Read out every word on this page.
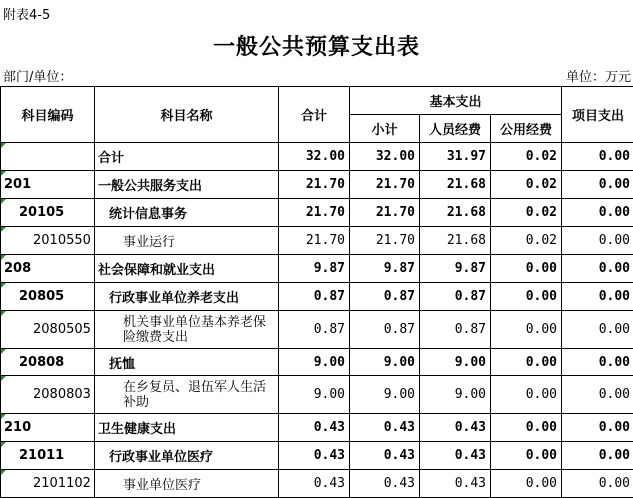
附表4-5
一般公共预算支出表
部门/单位：	单位：万元
科目编码	科目名称	合计	基本支出			项目支出
			小计	人员经费	公用经费	
	合计	32.00	32.00	31.97	0.02	0.00
201	一般公共服务支出	21.70	21.70	21.68	0.02	0.00
20105	统计信息事务	21.70	21.70	21.68	0.02	0.00
2010550	事业运行	21.70	21.70	21.68	0.02	0.00
208	社会保障和就业支出	9.87	9.87	9.87	0.00	0.00
20805	行政事业单位养老支出	0.87	0.87	0.87	0.00	0.00
2080505	机关事业单位基本养老保险缴费支出	0.87	0.87	0.87	0.00	0.00
20808	抚恤	9.00	9.00	9.00	0.00	0.00
2080803	在乡复员、退伍军人生活补助	9.00	9.00	9.00	0.00	0.00
210	卫生健康支出	0.43	0.43	0.43	0.00	0.00
21011	行政事业单位医疗	0.43	0.43	0.43	0.00	0.00
2101102	事业单位医疗	0.43	0.43	0.43	0.00	0.00
